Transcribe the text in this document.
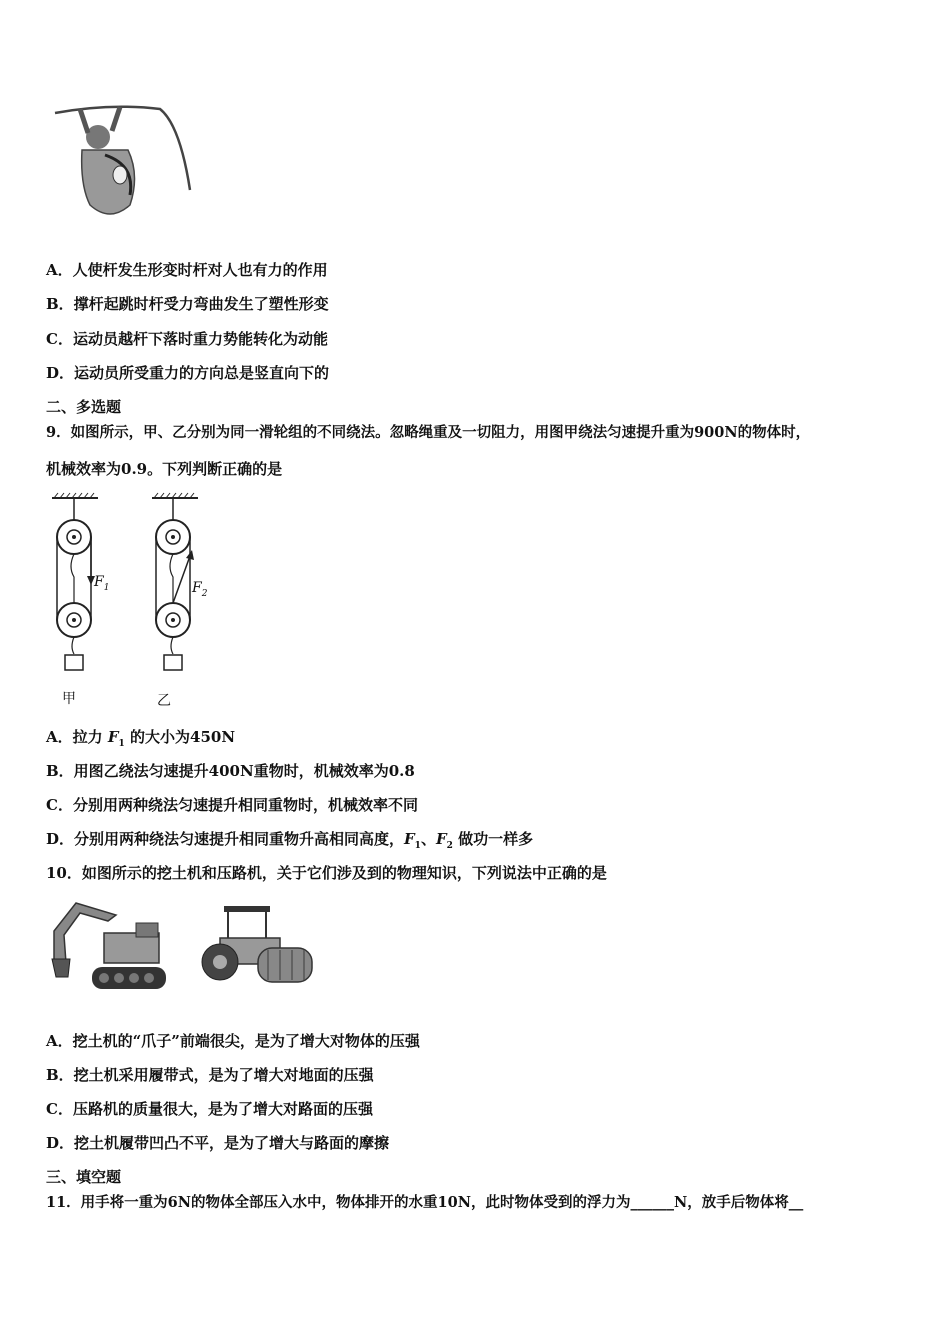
A．人使杆发生形变时杆对人也有力的作用
B．撑杆起跳时杆受力弯曲发生了塑性形变
C．运动员越杆下落时重力势能转化为动能
D．运动员所受重力的方向总是竖直向下的
二、多选题
9．如图所示，甲、乙分别为同一滑轮组的不同绕法。忽略绳重及一切阻力，用图甲绕法匀速提升重为900N的物体时，
机械效率为0.9。下列判断正确的是
$F_1$	$F_2$
甲	乙
A．拉力 $F_1$ 的大小为450N
B．用图乙绕法匀速提升400N重物时，机械效率为0.8
C．分别用两种绕法匀速提升相同重物时，机械效率不同
D．分别用两种绕法匀速提升相同重物升高相同高度，$F_1$、$F_2$ 做功一样多
10．如图所示的挖土机和压路机，关于它们涉及到的物理知识，下列说法中正确的是
A．挖土机的“爪子”前端很尖，是为了增大对物体的压强
B．挖土机采用履带式，是为了增大对地面的压强
C．压路机的质量很大，是为了增大对路面的压强
D．挖土机履带凹凸不平，是为了增大与路面的摩擦
三、填空题
11．用手将一重为6N的物体全部压入水中，物体排开的水重10N，此时物体受到的浮力为______N，放手后物体将__
